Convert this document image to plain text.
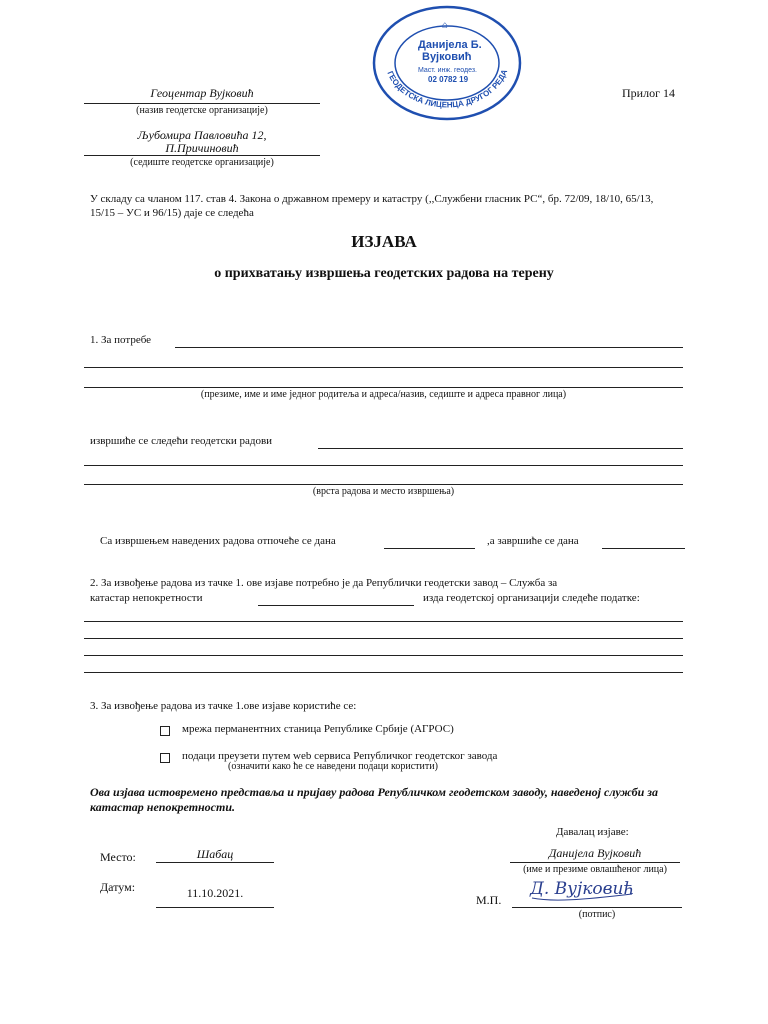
⌂
Данијела Б.
Вујковић
Маст. инж. геодез.
02 0782 19
ГЕОДЕТСКА ЛИЦЕНЦА ДРУГОГ РЕДА
Геоцентар Вујковић
(назив геодетске организације)
Љубомира Павловића 12,
П.Причиновић
(седиште геодетске организације)
Прилог 14
У складу са чланом 117. став 4. Закона о државном премеру и катастру (,,Службени гласник РС“, бр. 72/09, 18/10, 65/13, 15/15 – УС и 96/15) даје се следећа
ИЗЈАВА
о прихватању извршења геодетских радова на терену
1. За потребе
(презиме, име и име једног родитеља и адреса/назив, седиште и адреса правног лица)
извршиће се следећи геодетски радови
(врста радова и место извршења)
Са извршењем наведених радова отпочеће се дана	,а завршиће се дана
2. За извођење радова из тачке 1. ове изјаве потребно је да Републички геодетски завод – Служба за
катастар непокретности	изда геодетској организацији следеће податке:
3. За извођење радова из тачке 1.ове изјаве користиће се:
мрежа перманентних станица Републике Србије (АГРОС)
подаци преузети путем web сервиса Републичког геодетског завода
(означити како ће се наведени подаци користити)
Ова изјава истовремено представља и пријаву радова Републичком геодетском заводу, наведеној служби за катастар непокретности.
Давалац изјаве:
Место:	Шабац	Данијела Вујковић
(име и презиме овлашћеног лица)
Датум:	11.10.2021.	М.П.
Д. Вујковић
(потпис)
